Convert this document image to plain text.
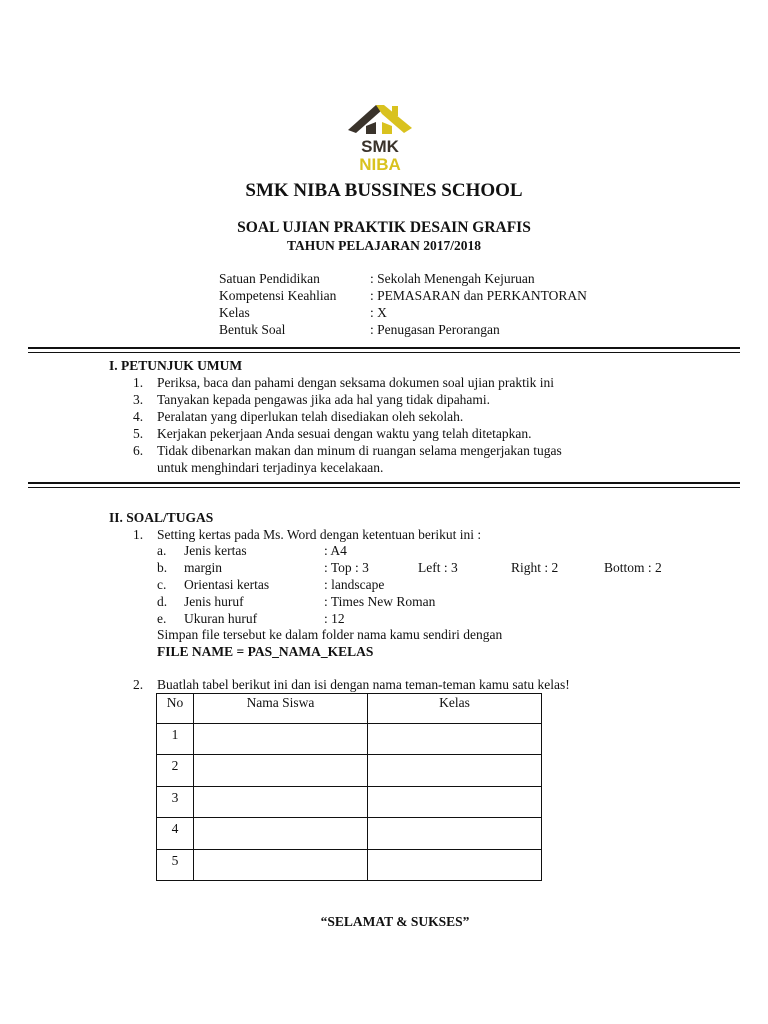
SMK
NIBA
SMK NIBA BUSSINES SCHOOL
SOAL UJIAN PRAKTIK DESAIN GRAFIS
TAHUN PELAJARAN 2017/2018
Satuan Pendidikan	: Sekolah Menengah Kejuruan
Kompetensi Keahlian : PEMASARAN dan PERKANTORAN
Kelas	: X
Bentuk Soal	: Penugasan Perorangan
I. PETUNJUK UMUM
1. Periksa, baca dan pahami dengan seksama dokumen soal ujian praktik ini
3. Tanyakan kepada pengawas jika ada hal yang tidak dipahami.
4. Peralatan yang diperlukan telah disediakan oleh sekolah.
5. Kerjakan pekerjaan Anda sesuai dengan waktu yang telah ditetapkan.
6. Tidak dibenarkan makan dan minum di ruangan selama mengerjakan tugas
untuk menghindari terjadinya kecelakaan.
II. SOAL/TUGAS
1. Setting kertas pada Ms. Word dengan ketentuan berikut ini :
a. Jenis kertas	: A4
b. margin	: Top : 3	Left : 3	Right : 2	Bottom : 2
c. Orientasi kertas	: landscape
d. Jenis huruf	: Times New Roman
e. Ukuran huruf	: 12
Simpan file tersebut ke dalam folder nama kamu sendiri dengan
FILE NAME = PAS_NAMA_KELAS
2. Buatlah tabel berikut ini dan isi dengan nama teman-teman kamu satu kelas!
No	Nama Siswa	Kelas
1		
2		
3		
4		
5		
“SELAMAT & SUKSES”
